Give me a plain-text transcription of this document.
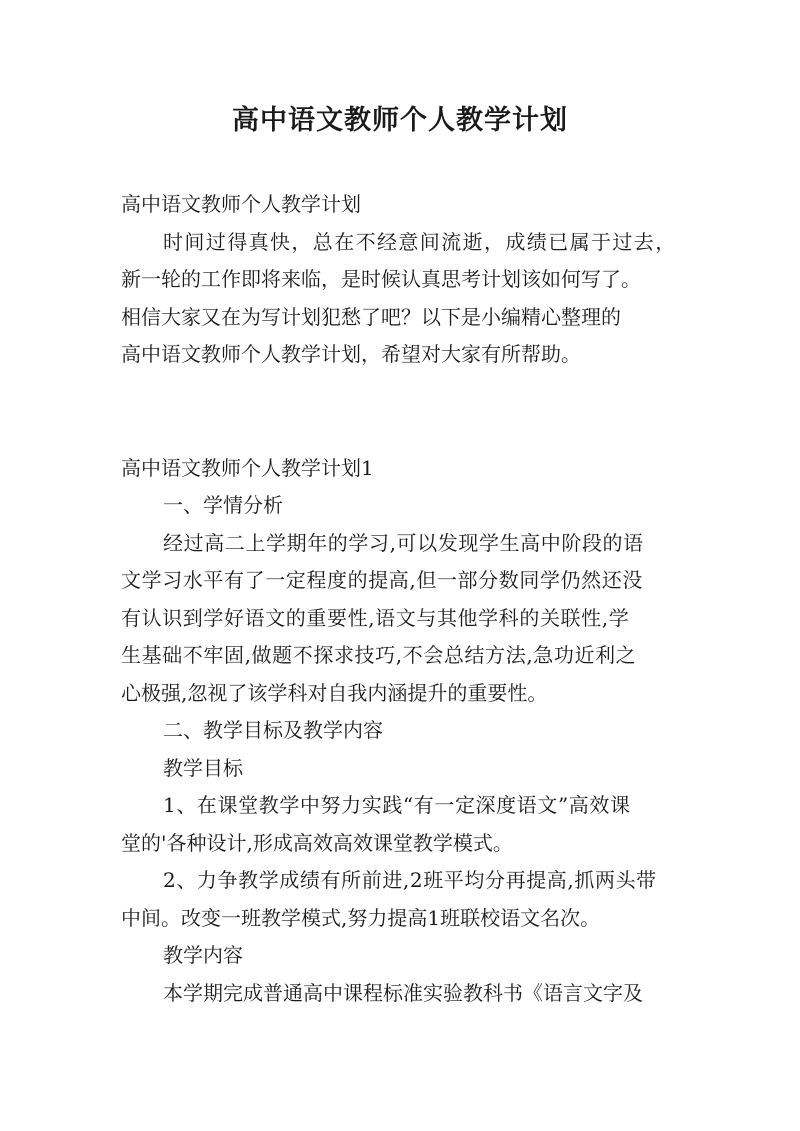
高中语文教师个人教学计划
高中语文教师个人教学计划
时间过得真快，总在不经意间流逝，成绩已属于过去，
新一轮的工作即将来临，是时候认真思考计划该如何写了。
相信大家又在为写计划犯愁了吧？以下是小编精心整理的
高中语文教师个人教学计划，希望对大家有所帮助。
高中语文教师个人教学计划1
一、学情分析
经过高二上学期年的学习,可以发现学生高中阶段的语
文学习水平有了一定程度的提高,但一部分数同学仍然还没
有认识到学好语文的重要性,语文与其他学科的关联性,学
生基础不牢固,做题不探求技巧,不会总结方法,急功近利之
心极强,忽视了该学科对自我内涵提升的重要性。
二、教学目标及教学内容
教学目标
1、在课堂教学中努力实践“有一定深度语文”高效课
堂的'各种设计,形成高效高效课堂教学模式。
2、力争教学成绩有所前进,2班平均分再提高,抓两头带
中间。改变一班教学模式,努力提高1班联校语文名次。
教学内容
本学期完成普通高中课程标准实验教科书《语言文字及
